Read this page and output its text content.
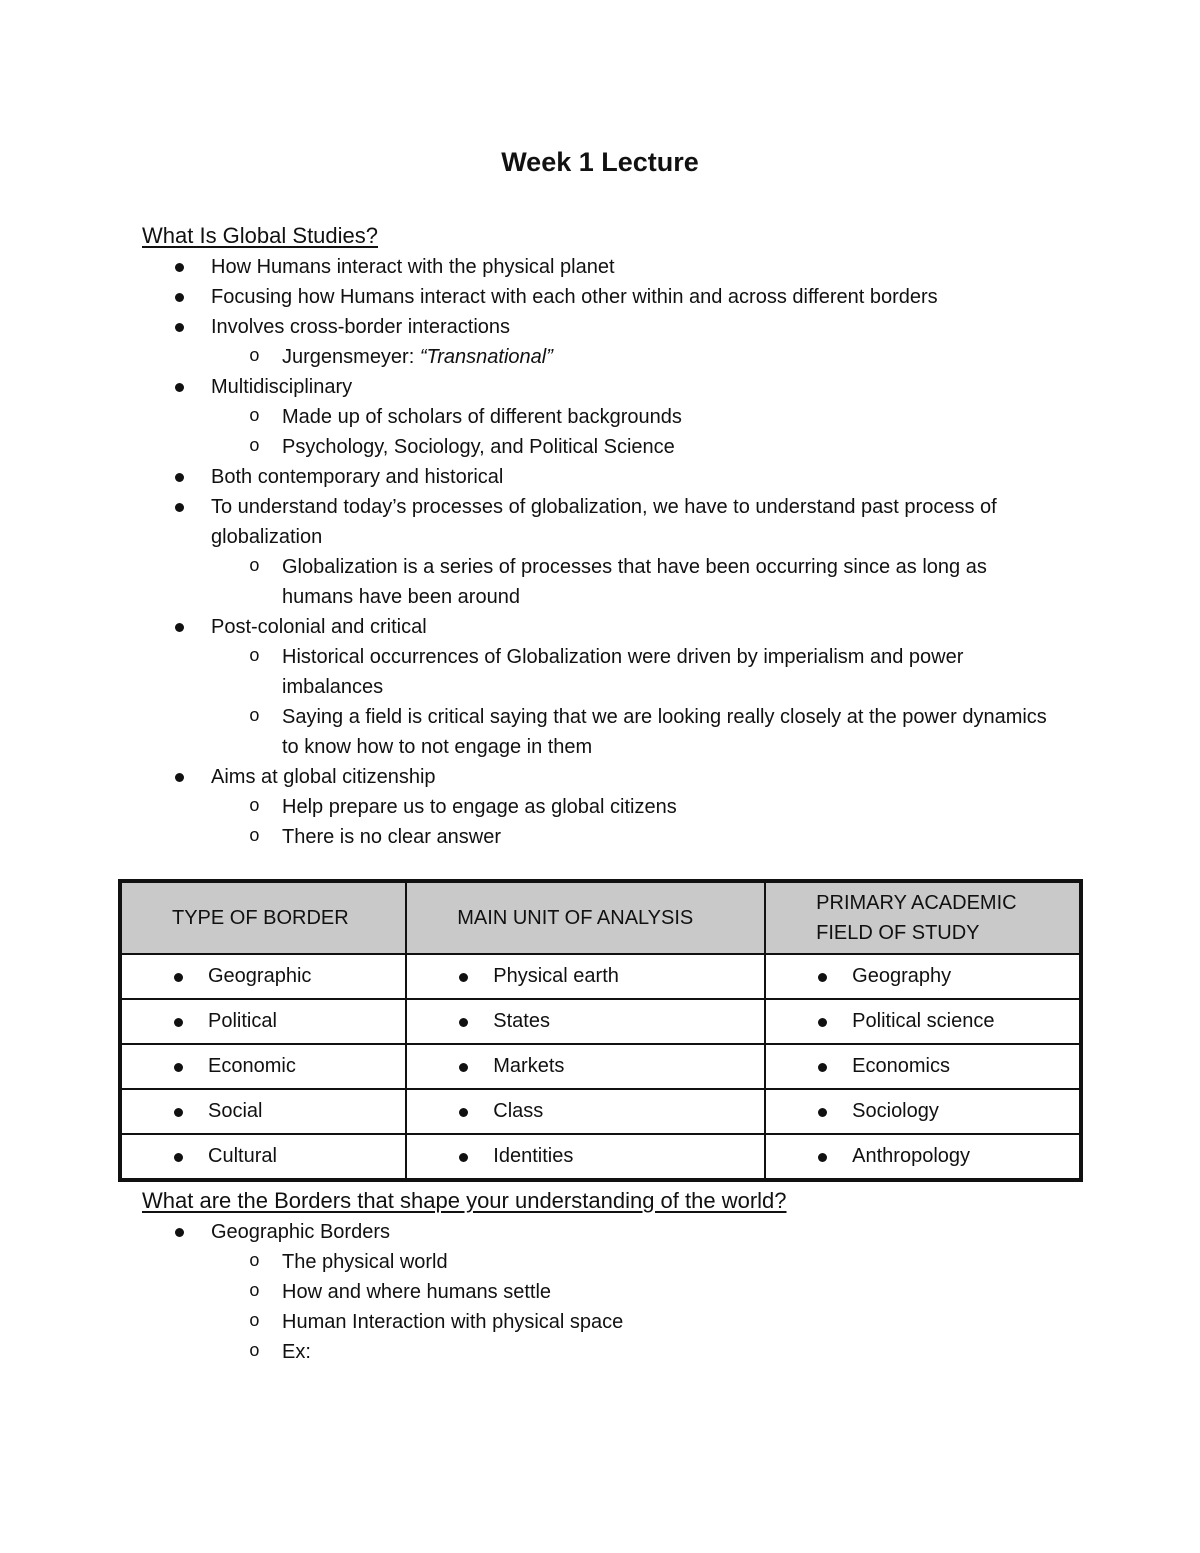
Week 1 Lecture
What Is Global Studies?
How Humans interact with the physical planet
Focusing how Humans interact with each other within and across different borders
Involves cross-border interactions
o Jurgensmeyer: “Transnational”
Multidisciplinary
o Made up of scholars of different backgrounds
o Psychology, Sociology, and Political Science
Both contemporary and historical
To understand today’s processes of globalization, we have to understand past process of globalization
o Globalization is a series of processes that have been occurring since as long as humans have been around
Post-colonial and critical
o Historical occurrences of Globalization were driven by imperialism and power imbalances
o Saying a field is critical saying that we are looking really closely at the power dynamics to know how to not engage in them
Aims at global citizenship
o Help prepare us to engage as global citizens
o There is no clear answer
TYPE OF BORDER	MAIN UNIT OF ANALYSIS	PRIMARY ACADEMIC
FIELD OF STUDY

Geographic	Physical earth	Geography

Political	States	Political science

Economic	Markets	Economics

Social	Class	Sociology

Cultural	Identities	Anthropology
What are the Borders that shape your understanding of the world?
Geographic Borders
o The physical world
o How and where humans settle
o Human Interaction with physical space
o Ex:
